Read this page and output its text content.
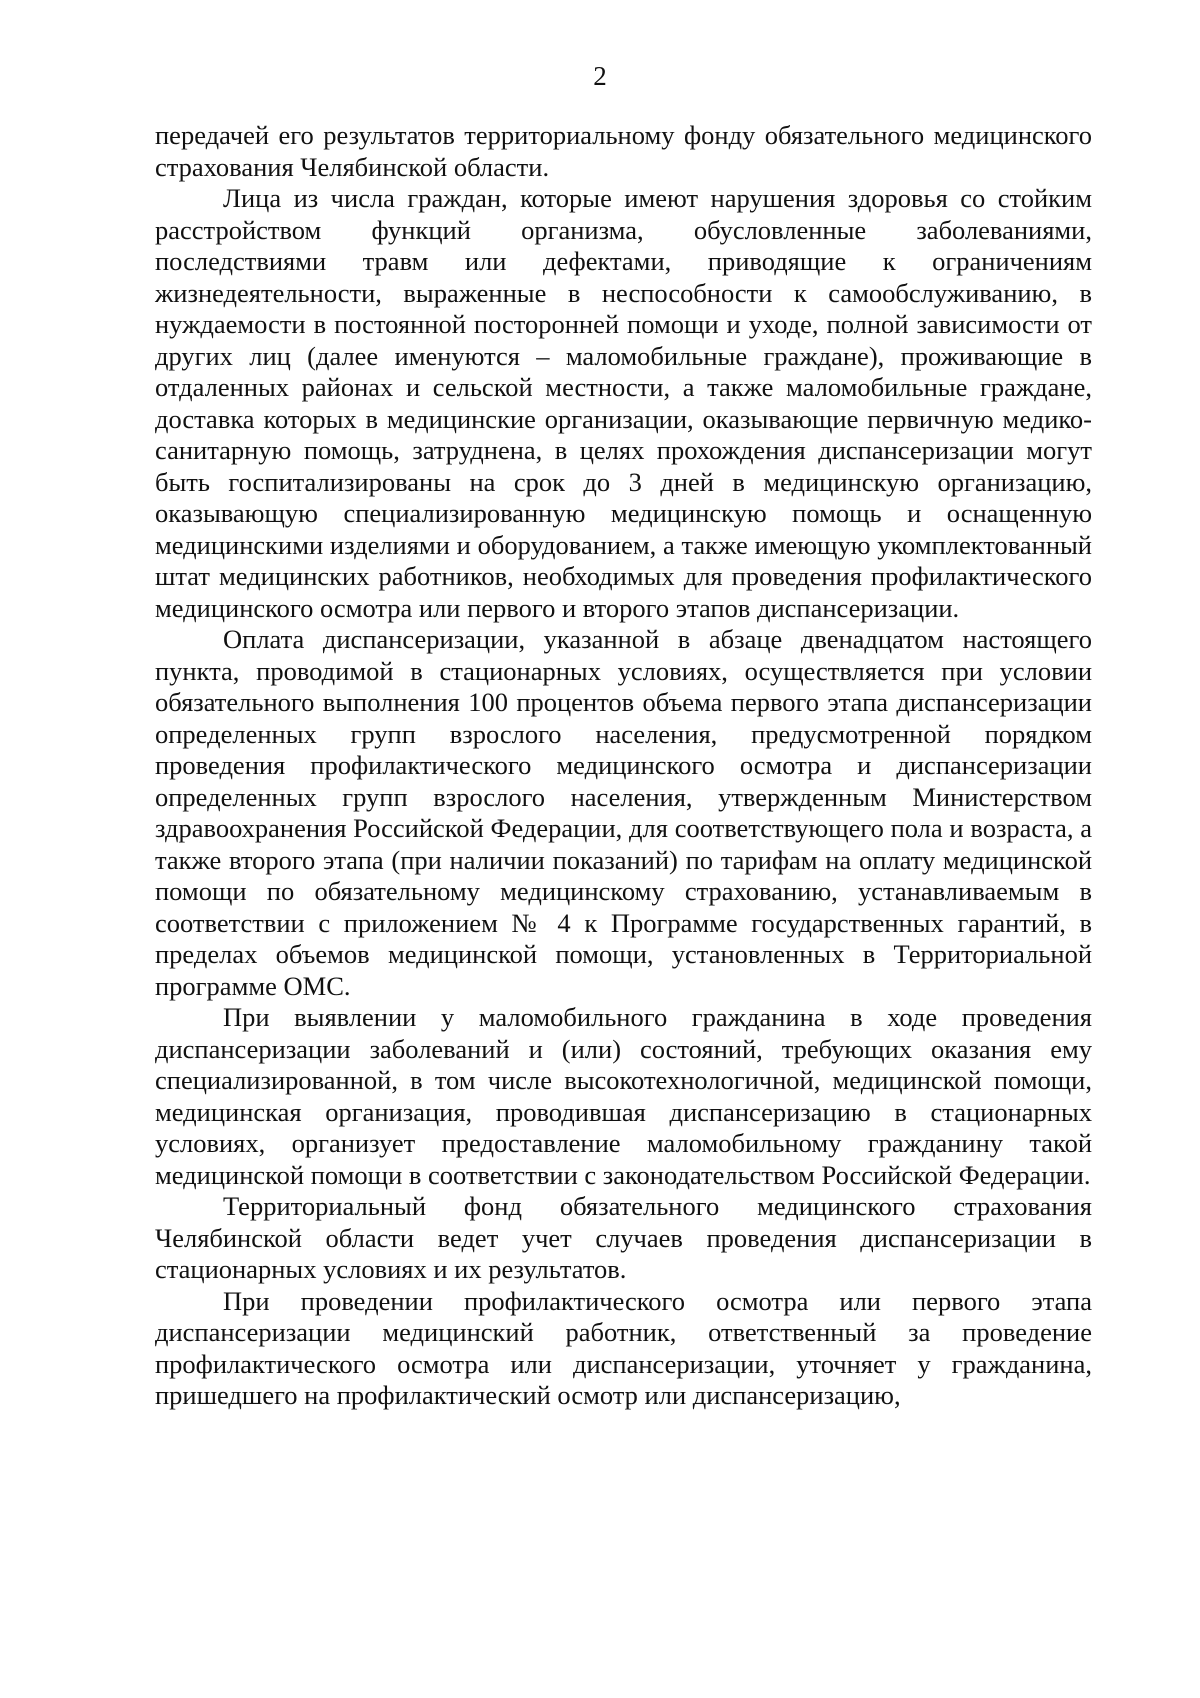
2

передачей его результатов территориальному фонду обязательного медицинского страхования Челябинской области.

Лица из числа граждан, которые имеют нарушения здоровья со стойким расстройством функций организма, обусловленные заболеваниями, последствиями травм или дефектами, приводящие к ограничениям жизнедеятельности, выраженные в неспособности к самообслуживанию, в нуждаемости в постоянной посторонней помощи и уходе, полной зависимости от других лиц (далее именуются – маломобильные граждане), проживающие в отдаленных районах и сельской местности, а также маломобильные граждане, доставка которых в медицинские организации, оказывающие первичную медико-санитарную помощь, затруднена, в целях прохождения диспансеризации могут быть госпитализированы на срок до 3 дней в медицинскую организацию, оказывающую специализированную медицинскую помощь и оснащенную медицинскими изделиями и оборудованием, а также имеющую укомплектованный штат медицинских работников, необходимых для проведения профилактического медицинского осмотра или первого и второго этапов диспансеризации.

Оплата диспансеризации, указанной в абзаце двенадцатом настоящего пункта, проводимой в стационарных условиях, осуществляется при условии обязательного выполнения 100 процентов объема первого этапа диспансеризации определенных групп взрослого населения, предусмотренной порядком проведения профилактического медицинского осмотра и диспансеризации определенных групп взрослого населения, утвержденным Министерством здравоохранения Российской Федерации, для соответствующего пола и возраста, а также второго этапа (при наличии показаний) по тарифам на оплату медицинской помощи по обязательному медицинскому страхованию, устанавливаемым в соответствии с приложением № 4 к Программе государственных гарантий, в пределах объемов медицинской помощи, установленных в Территориальной программе ОМС.

При выявлении у маломобильного гражданина в ходе проведения диспансеризации заболеваний и (или) состояний, требующих оказания ему специализированной, в том числе высокотехнологичной, медицинской помощи, медицинская организация, проводившая диспансеризацию в стационарных условиях, организует предоставление маломобильному гражданину такой медицинской помощи в соответствии с законодательством Российской Федерации.

Территориальный фонд обязательного медицинского страхования Челябинской области ведет учет случаев проведения диспансеризации в стационарных условиях и их результатов.

При проведении профилактического осмотра или первого этапа диспансеризации медицинский работник, ответственный за проведение профилактического осмотра или диспансеризации, уточняет у гражданина, пришедшего на профилактический осмотр или диспансеризацию,
